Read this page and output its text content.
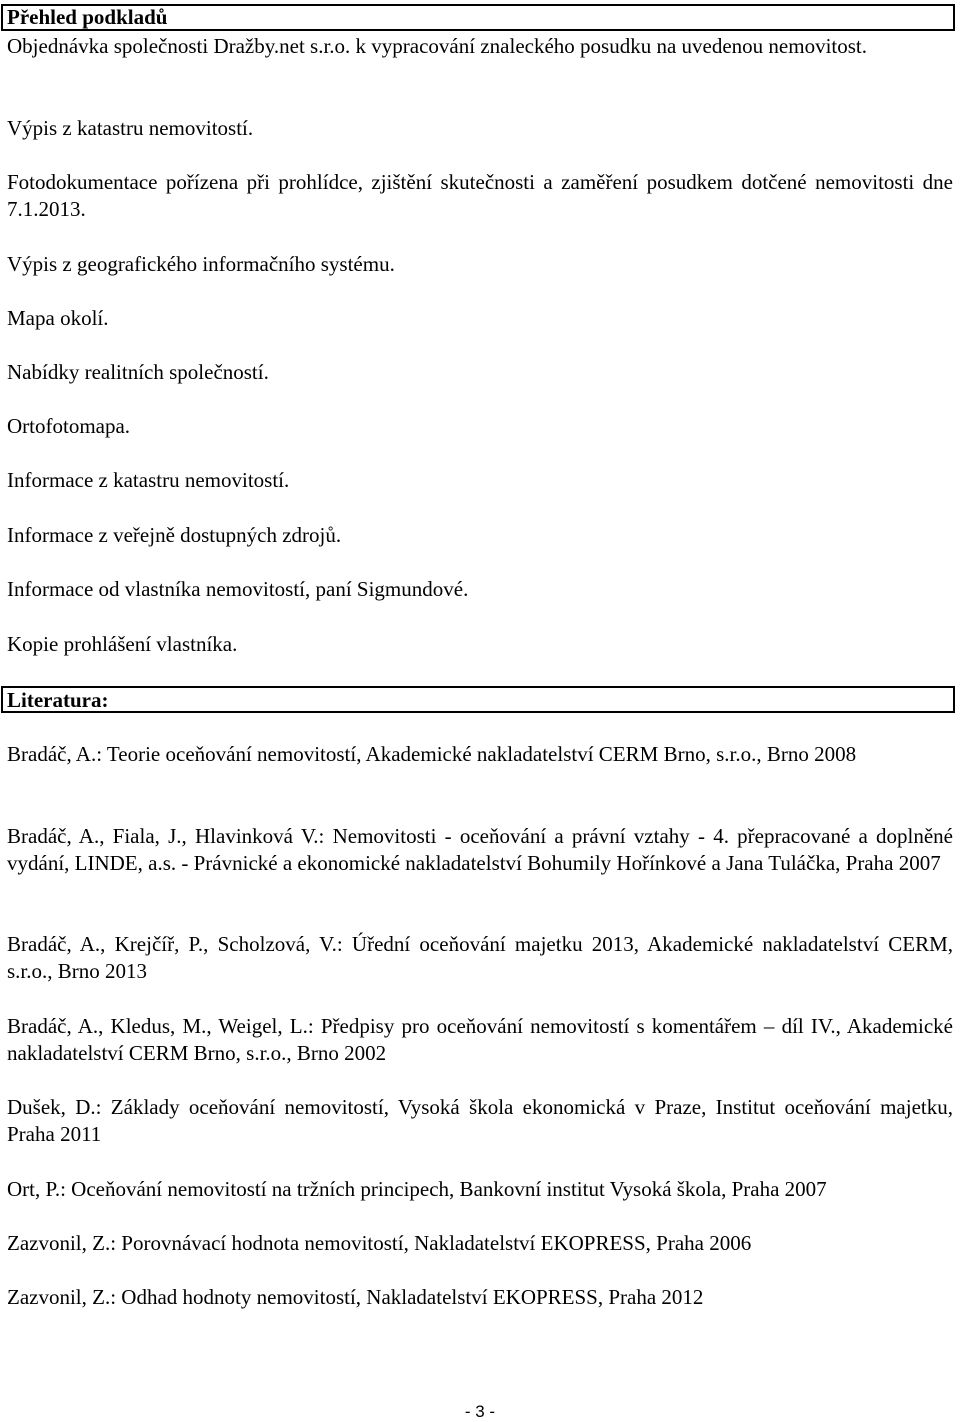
Přehled podkladů
Objednávka společnosti Dražby.net s.r.o. k vypracování znaleckého posudku na uvedenou nemovitost.
Výpis z katastru nemovitostí.
Fotodokumentace pořízena při prohlídce, zjištění skutečnosti a zaměření posudkem dotčené nemovitosti dne 7.1.2013.
Výpis z geografického informačního systému.
Mapa okolí.
Nabídky realitních společností.
Ortofotomapa.
Informace z katastru nemovitostí.
Informace z veřejně dostupných zdrojů.
Informace od vlastníka nemovitostí, paní Sigmundové.
Kopie prohlášení vlastníka.
Literatura:
Bradáč, A.: Teorie oceňování nemovitostí, Akademické nakladatelství CERM Brno, s.r.o., Brno 2008
Bradáč, A., Fiala, J., Hlavinková V.: Nemovitosti - oceňování a právní vztahy - 4. přepracované a doplněné vydání, LINDE, a.s. - Právnické a ekonomické nakladatelství Bohumily Hořínkové a Jana Tuláčka, Praha 2007
Bradáč, A., Krejčíř, P., Scholzová, V.: Úřední oceňování majetku 2013, Akademické nakladatelství CERM, s.r.o., Brno 2013
Bradáč, A., Kledus, M., Weigel, L.: Předpisy pro oceňování nemovitostí s komentářem – díl IV., Akademické nakladatelství CERM Brno, s.r.o., Brno 2002
Dušek, D.: Základy oceňování nemovitostí, Vysoká škola ekonomická v Praze, Institut oceňování majetku, Praha 2011
Ort, P.: Oceňování nemovitostí na tržních principech, Bankovní institut Vysoká škola, Praha 2007
Zazvonil, Z.: Porovnávací hodnota nemovitostí, Nakladatelství EKOPRESS, Praha 2006
Zazvonil, Z.: Odhad hodnoty nemovitostí, Nakladatelství EKOPRESS, Praha 2012
- 3 -
